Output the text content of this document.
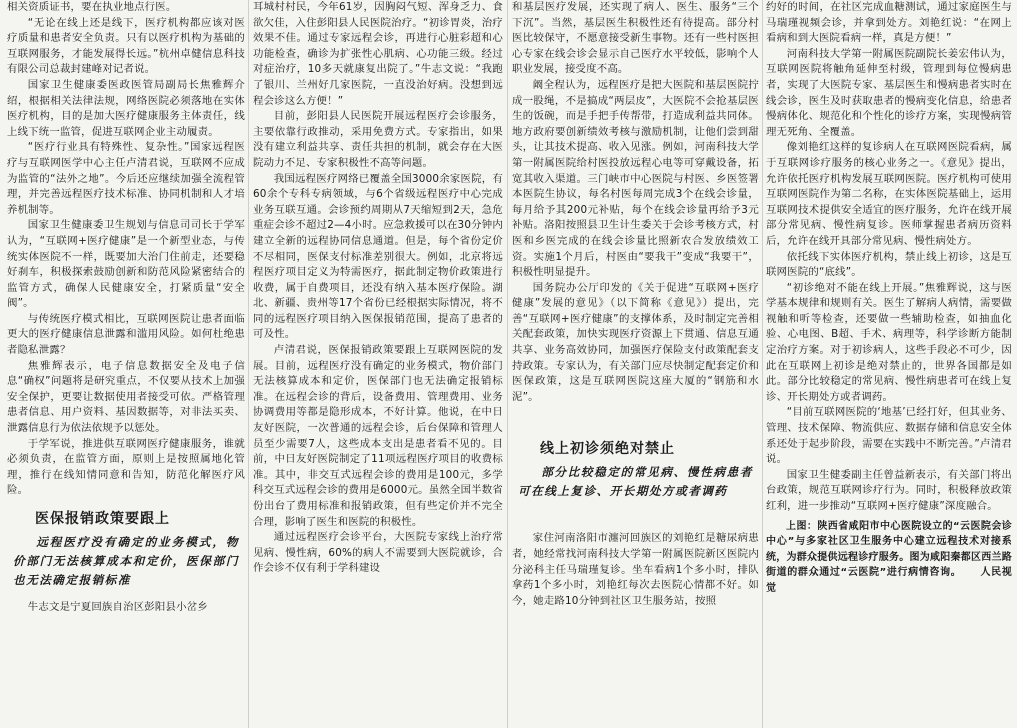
相关资质证书，要在执业地点行医。

“无论在线上还是线下，医疗机构都应该对医疗质量和患者安全负责。只有以医疗机构为基础的互联网服务，才能发展得长远。”杭州卓健信息科技有限公司总裁封建峰对记者说。

国家卫生健康委医政医管局副局长焦雅辉介绍，根据相关法律法规，网络医院必须落地在实体医疗机构，目的是加大医疗健康服务主体责任，线上线下统一监管，促进互联网企业主动履责。

“医疗行业具有特殊性、复杂性。”国家远程医疗与互联网医学中心主任卢清君说，互联网不应成为监管的“法外之地”。今后还应继续加强全流程管理，并完善远程医疗技术标准、协同机制和人才培养机制等。

国家卫生健康委卫生规划与信息司司长于学军认为，“互联网+医疗健康”是一个新型业态，与传统实体医院不一样，既要加大治门住前走，还要稳好刹车，积极探索鼓励创新和防范风险紧密结合的监管方式，确保人民健康安全，打紧质量“安全阀”。

与传统医疗模式相比，互联网医院让患者面临更大的医疗健康信息泄露和滥用风险。如何杜绝患者隐私泄露？

焦雅辉表示，电子信息数据安全及电子信息“确权”问题将是研究重点，不仅要从技术上加强安全保护，更要让数据使用者接受可依。严格管理患者信息、用户资料、基因数据等，对非法买卖、泄露信息行为依法依规予以惩处。

于学军说，推进供互联网医疗健康服务，谁就必须负责，在监管方面，原则上是按照属地化管理，推行在线知情同意和告知，防范化解医疗风险。

医保报销政策要跟上
远程医疗没有确定的业务模式，物价部门无法核算成本和定价，医保部门也无法确定报销标准

牛志文是宁夏回族自治区彭阳县小岔乡

耳城村村民，今年61岁，因胸闷气短、浑身乏力、食欲欠佳，入住彭阳县人民医院治疗。“初诊胃炎，治疗效果不佳。通过专家远程会诊，再进行心脏彩超和心功能检查，确诊为扩张性心肌病、心功能三级。经过对症治疗，10多天就康复出院了。”牛志文说：“我跑了银川、兰州好几家医院，一直没治好病。没想到远程会诊这么方便！”

目前，彭阳县人民医院开展远程医疗会诊服务，主要依靠行政推动，采用免费方式。专家指出，如果没有建立利益共享、责任共担的机制，就会存在大医院动力不足、专家积极性不高等问题。

我国远程医疗网络已覆盖全国3000余家医院，有60余个专科专病领域，与6个省级远程医疗中心完成业务互联互通。会诊预约周期从7天缩短到2天，急危重症会诊不超过2—4小时。应急救援可以在30分钟内建立全新的远程协同信息通道。但是，每个省份定价不尽相同，医保支付标准差别很大。例如，北京将远程医疗项目定义为特需医疗，据此制定物价政策进行收费，属于自费项目，还没有纳入基本医疗保险。湖北、新疆、贵州等17个省份已经根据实际情况，将不同的远程医疗项目纳入医保报销范围，提高了患者的可及性。

卢清君说，医保报销政策要跟上互联网医院的发展。目前，远程医疗没有确定的业务模式，物价部门无法核算成本和定价，医保部门也无法确定报销标准。在远程会诊的背后，设备费用、管理费用、业务协调费用等都是隐形成本，不好计算。他说，在中日友好医院，一次普通的远程会诊，后台保障和管理人员至少需要7人，这些成本支出是患者看不见的。目前，中日友好医院制定了11项远程医疗项目的收费标准。其中，非交互式远程会诊的费用是100元，多学科交互式远程会诊的费用是6000元。虽然全国半数省份出台了费用标准和报销政策，但有些定价并不完全合理，影响了医生和医院的积极性。

通过远程医疗会诊平台，大医院专家线上治疗常见病、慢性病，60%的病人不需要到大医院就诊，合作会诊不仅有利于学科建设

和基层医疗发展，还实现了病人、医生、服务“三个下沉”。当然，基层医生积极性还有待提高。部分村医比较保守，不愿意接受新生事物。还有一些村医担心专家在线会诊会显示自己医疗水平较低，影响个人职业发展，接受度不高。

阚全程认为，远程医疗是把大医院和基层医院拧成一股绳，不是搞成“两层皮”，大医院不会抢基层医生的饭碗，而是手把手传帮带，打造成利益共同体。地方政府要创新绩效考核与激励机制，让他们尝到甜头，让其技术提高、收入见涨。例如，河南科技大学第一附属医院给村医投放远程心电等可穿戴设备，拓宽其收入渠道。三门峡市中心医院与村医、乡医签署本医院生协议，每名村医每周完成3个在线会诊量，每月给予其200元补贴，每个在线会诊量再给予3元补贴。洛阳按照县卫生计生委关于会诊考核方式，村医和乡医完成的在线会诊量比照新农合发放绩效工资。实施1个月后，村医由“要我干”变成“我要干”，积极性明显提升。

国务院办公厅印发的《关于促进“互联网+医疗健康”发展的意见》（以下简称《意见》）提出，完善“互联网+医疗健康”的支撑体系，及时制定完善相关配套政策，加快实现医疗资源上下贯通、信息互通共享、业务高效协同，加强医疗保险支付政策配套支持政策。专家认为，有关部门应尽快制定配套定价和医保政策，这是互联网医院这座大厦的“钢筋和水泥”。

线上初诊须绝对禁止
部分比较稳定的常见病、慢性病患者可在线上复诊、开长期处方或者调药

家住河南洛阳市瀍河回族区的刘艳红是糖尿病患者，她经常找河南科技大学第一附属医院新区医院内分泌科主任马瑞瑾复诊。坐车看病1个多小时，排队拿药1个多小时，刘艳红每次去医院心情都不好。如今，她走路10分钟到社区卫生服务站，按照

约好的时间，在社区完成血糖测试，通过家庭医生与马瑞瑾视频会诊，并拿到处方。刘艳红说：“在网上看病和到大医院看病一样，真是方便！”

河南科技大学第一附属医院副院长姜宏伟认为，互联网医院将触角延伸至村级，管理到每位慢病患者，实现了大医院专家、基层医生和慢病患者实时在线会诊，医生及时获取患者的慢病变化信息，给患者慢病体化、规范化和个性化的诊疗方案，实现慢病管理无死角、全覆盖。

像刘艳红这样的复诊病人在互联网医院看病，属于互联网诊疗服务的核心业务之一。《意见》提出，允许依托医疗机构发展互联网医院。医疗机构可使用互联网医院作为第二名称，在实体医院基础上，运用互联网技术提供安全适宜的医疗服务，允许在线开展部分常见病、慢性病复诊。医师掌握患者病历资料后，允许在线开具部分常见病、慢性病处方。

依托线下实体医疗机构，禁止线上初诊，这是互联网医院的“底线”。

“初诊绝对不能在线上开展。”焦雅辉说，这与医学基本规律和规则有关。医生了解病人病情，需要做视触和听等检查，还要做一些辅助检查，如抽血化验、心电图、B超、手术、病理等，科学诊断方能制定治疗方案。对于初诊病人，这些手段必不可少，因此在互联网上初诊是绝对禁止的，世界各国都是如此。部分比较稳定的常见病、慢性病患者可在线上复诊、开长期处方或者调药。

“目前互联网医院的‘地基’已经打好，但其业务、管理、技术保障、物流供应、数据存储和信息安全体系还处于起步阶段，需要在实践中不断完善。”卢清君说。

国家卫生健委副主任曾益新表示，有关部门将出台政策，规范互联网诊疗行为。同时，积极释放政策红利，进一步推动“互联网+医疗健康”深度融合。

上图：陕西省咸阳市中心医院设立的“云医院会诊中心”与多家社区卫生服务中心建立远程技术对接系统，为群众提供远程诊疗服务。图为咸阳秦都区西兰路街道的群众通过“云医院”进行病情咨询。 人民视觉
